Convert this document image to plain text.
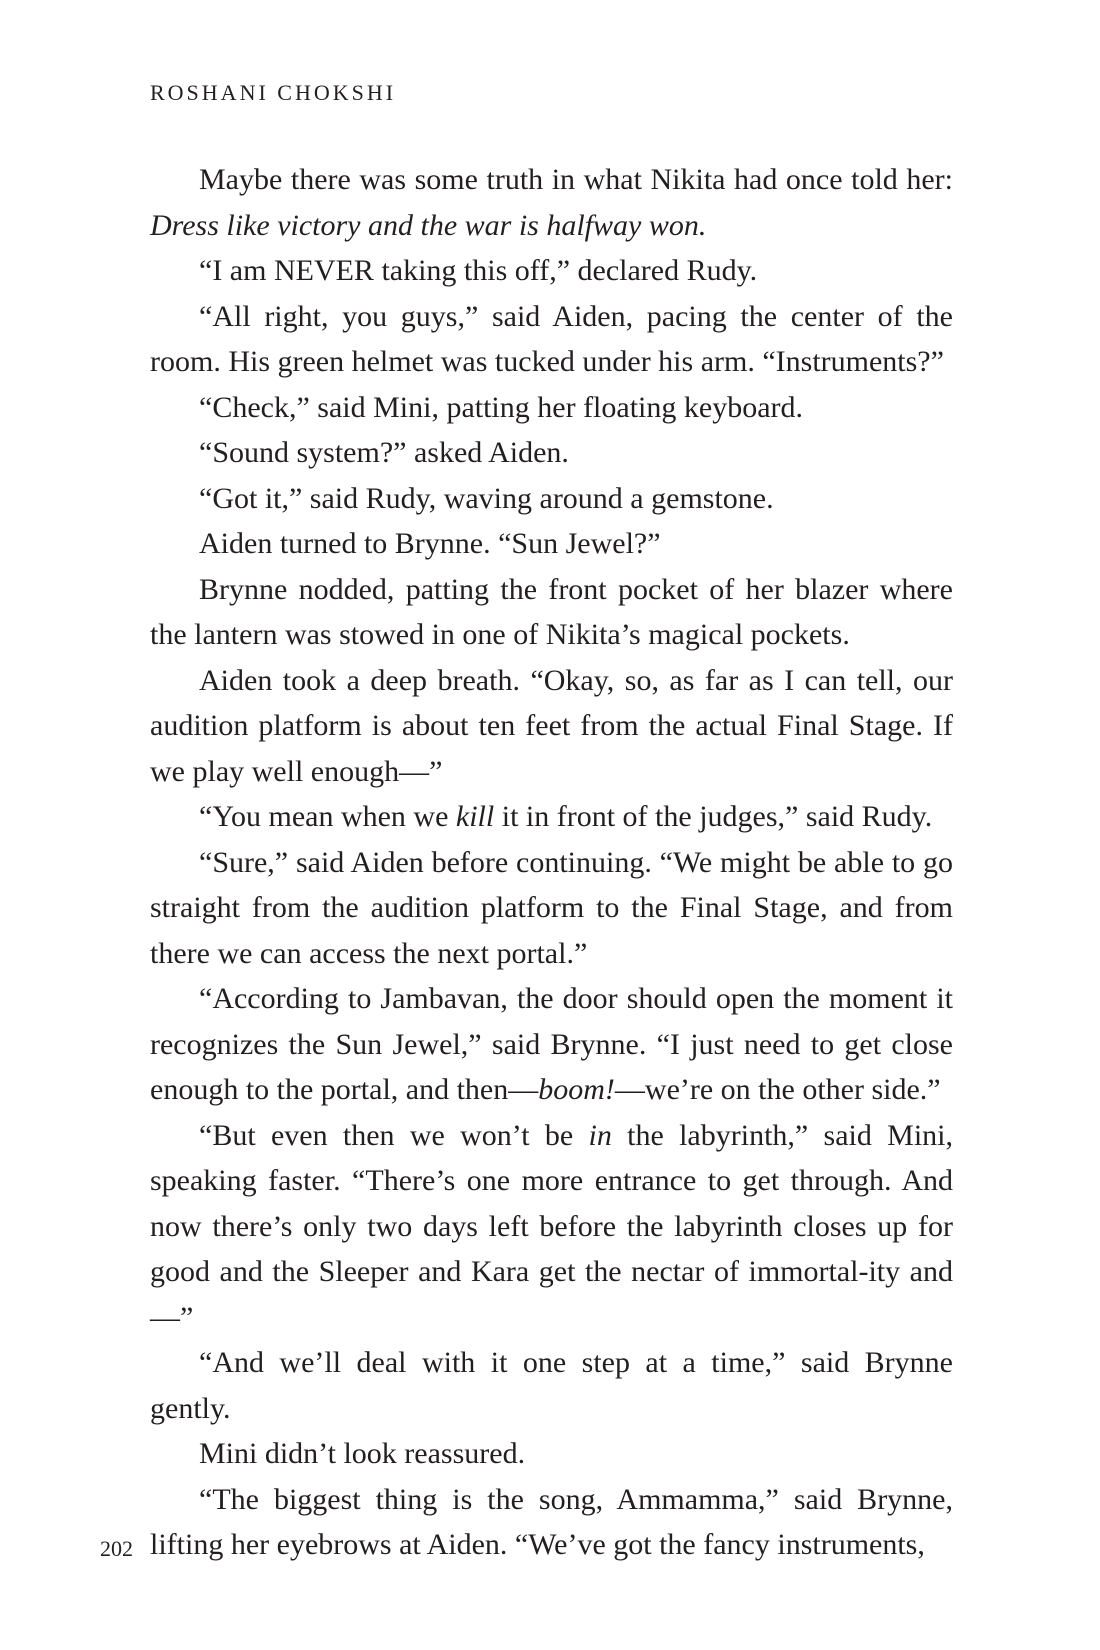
ROSHANI CHOKSHI

Maybe there was some truth in what Nikita had once told her: Dress like victory and the war is halfway won.

“I am NEVER taking this off,” declared Rudy.

“All right, you guys,” said Aiden, pacing the center of the room. His green helmet was tucked under his arm. “Instruments?”

“Check,” said Mini, patting her floating keyboard.

“Sound system?” asked Aiden.

“Got it,” said Rudy, waving around a gemstone.

Aiden turned to Brynne. “Sun Jewel?”

Brynne nodded, patting the front pocket of her blazer where the lantern was stowed in one of Nikita’s magical pockets.

Aiden took a deep breath. “Okay, so, as far as I can tell, our audition platform is about ten feet from the actual Final Stage. If we play well enough—”

“You mean when we kill it in front of the judges,” said Rudy.

“Sure,” said Aiden before continuing. “We might be able to go straight from the audition platform to the Final Stage, and from there we can access the next portal.”

“According to Jambavan, the door should open the moment it recognizes the Sun Jewel,” said Brynne. “I just need to get close enough to the portal, and then—boom!—we’re on the other side.”

“But even then we won’t be in the labyrinth,” said Mini, speaking faster. “There’s one more entrance to get through. And now there’s only two days left before the labyrinth closes up for good and the Sleeper and Kara get the nectar of immortal-ity and—”

“And we’ll deal with it one step at a time,” said Brynne gently.

Mini didn’t look reassured.

“The biggest thing is the song, Ammamma,” said Brynne, lifting her eyebrows at Aiden. “We’ve got the fancy instruments,

202
